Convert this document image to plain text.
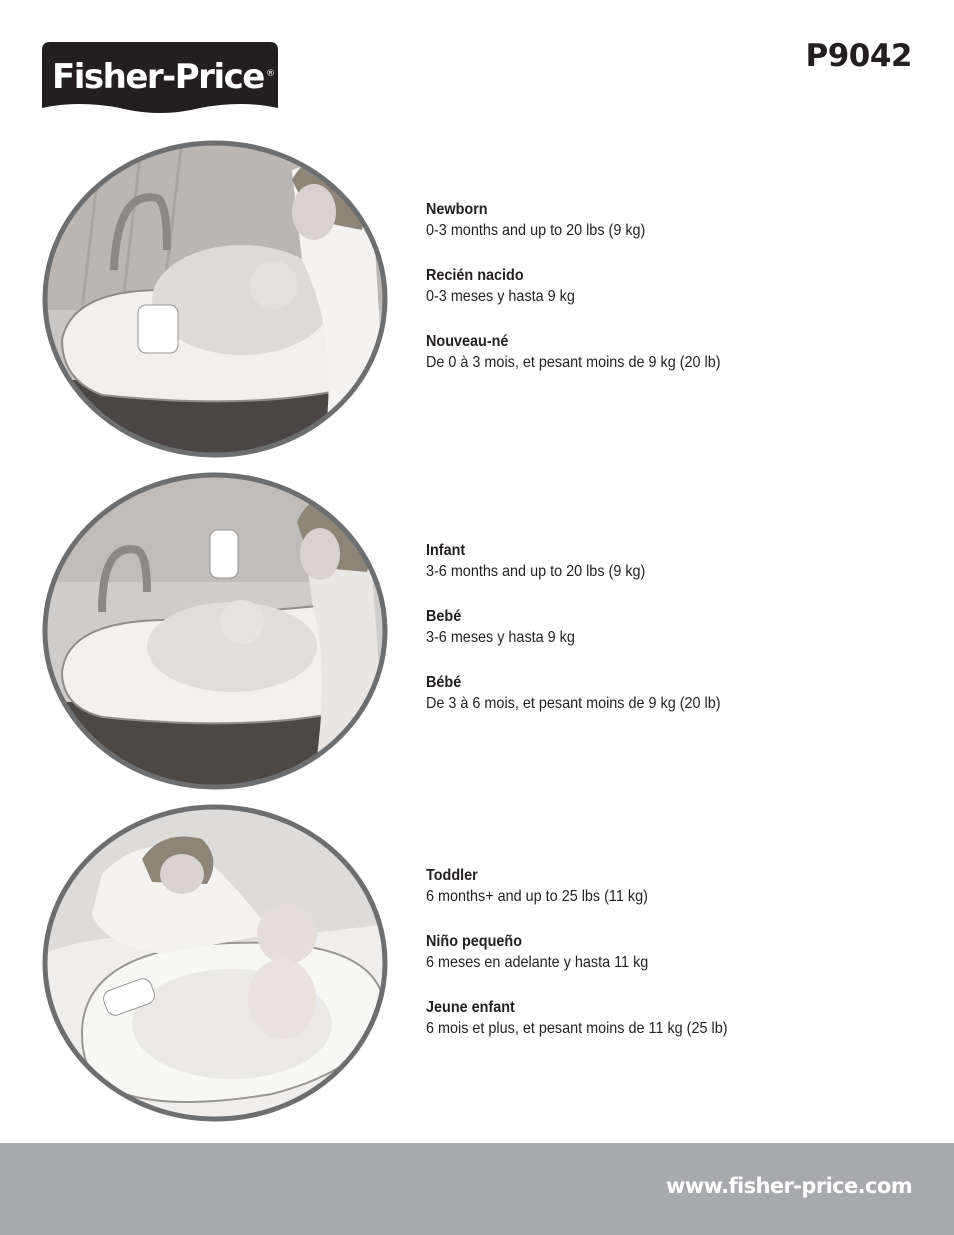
Fisher-Price ®	P9042
Newborn
0-3 months and up to 20 lbs (9 kg)
Recién nacido
0-3 meses y hasta 9 kg
Nouveau-né
De 0 à 3 mois, et pesant moins de 9 kg (20 lb)
Infant
3-6 months and up to 20 lbs (9 kg)
Bebé
3-6 meses y hasta 9 kg
Bébé
De 3 à 6 mois, et pesant moins de 9 kg (20 lb)
Toddler
6 months+ and up to 25 lbs (11 kg)
Niño pequeño
6 meses en adelante y hasta 11 kg
Jeune enfant
6 mois et plus, et pesant moins de 11 kg (25 lb)
www.fisher-price.com
